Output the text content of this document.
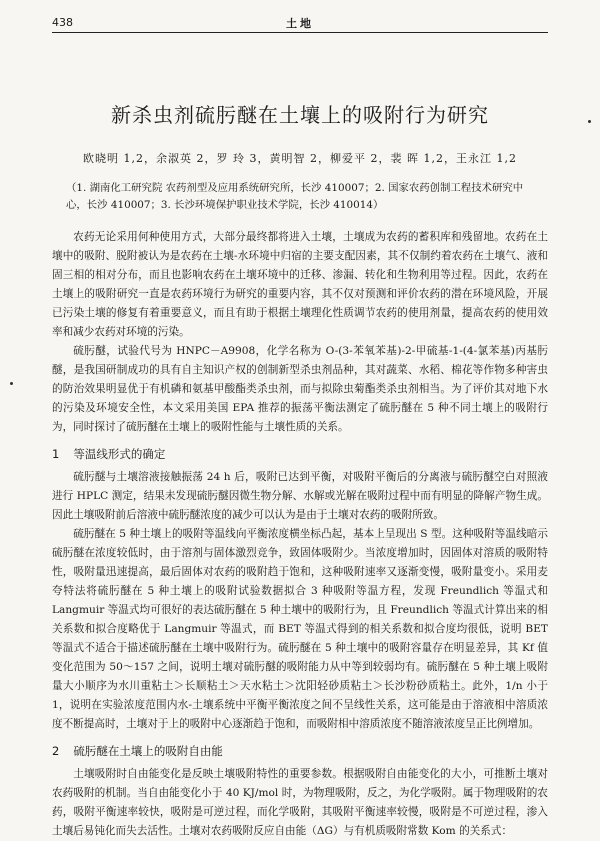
438	土地
新杀虫剂硫肟醚在土壤上的吸附行为研究
欧晓明 1,2，余淑英 2，罗 玲 3，黄明智 2，柳爱平 2，裴 晖 1,2，王永江 1,2
（1. 湖南化工研究院 农药剂型及应用系统研究所，长沙 410007；2. 国家农药创制工程技术研究中心，长沙 410007；3. 长沙环境保护职业技术学院，长沙 410014）

农药无论采用何种使用方式，大部分最终都将进入土壤，土壤成为农药的蓄积库和残留地。农药在土壤中的吸附、脱附被认为是农药在土壤-水环境中归宿的主要支配因素，其不仅制约着农药在土壤气、液和固三相的相对分布，而且也影响农药在土壤环境中的迁移、渗漏、转化和生物利用等过程。因此，农药在土壤上的吸附研究一直是农药环境行为研究的重要内容，其不仅对预测和评价农药的潜在环境风险，开展已污染土壤的修复有着重要意义，而且有助于根据土壤理化性质调节农药的使用剂量，提高农药的使用效率和减少农药对环境的污染。

硫肟醚，试验代号为 HNPC－A9908，化学名称为 O-(3-苯氧苯基)-2-甲硫基-1-(4-氯苯基)丙基肟醚，是我国研制成功的具有自主知识产权的创制新型杀虫剂品种，其对蔬菜、水稻、棉花等作物多种害虫的防治效果明显优于有机磷和氨基甲酸酯类杀虫剂，而与拟除虫菊酯类杀虫剂相当。为了评价其对地下水的污染及环境安全性，本文采用美国 EPA 推荐的振荡平衡法测定了硫肟醚在 5 种不同土壤上的吸附行为，同时探讨了硫肟醚在土壤上的吸附性能与土壤性质的关系。

1 等温线形式的确定

硫肟醚与土壤溶液接触振荡 24 h 后，吸附已达到平衡，对吸附平衡后的分离液与硫肟醚空白对照液进行 HPLC 测定，结果未发现硫肟醚因微生物分解、水解或光解在吸附过程中而有明显的降解产物生成。因此土壤吸附前后溶液中硫肟醚浓度的减少可以认为是由于土壤对农药的吸附所致。

硫肟醚在 5 种土壤上的吸附等温线向平衡浓度横坐标凸起，基本上呈现出 S 型。这种吸附等温线暗示硫肟醚在浓度较低时，由于溶剂与固体激烈竞争，致固体吸附少。当浓度增加时，因固体对溶质的吸附特性，吸附量迅速提高，最后固体对农药的吸附趋于饱和，这种吸附速率又逐渐变慢，吸附量变小。采用麦夸特法将硫肟醚在 5 种土壤上的吸附试验数据拟合 3 种吸附等温方程，发现 Freundlich 等温式和 Langmuir 等温式均可很好的表达硫肟醚在 5 种土壤中的吸附行为，且 Freundlich 等温式计算出来的相关系数和拟合度略优于 Langmuir 等温式，而 BET 等温式得到的相关系数和拟合度均很低，说明 BET 等温式不适合于描述硫肟醚在土壤中吸附行为。硫肟醚在 5 种土壤中的吸附容量存在明显差异，其 Kf 值变化范围为 50～157 之间，说明土壤对硫肟醚的吸附能力从中等到较弱均有。硫肟醚在 5 种土壤上吸附量大小顺序为水川重粘土＞长顺粘土＞天水粘土＞沈阳轻砂质粘土＞长沙粉砂质粘土。此外，1/n 小于 1，说明在实验浓度范围内水-土壤系统中平衡平衡浓度之间不呈线性关系，这可能是由于溶液相中溶质浓度不断提高时，土壤对于上的吸附中心逐渐趋于饱和，而吸附相中溶质浓度不随溶液浓度呈正比例增加。

2 硫肟醚在土壤上的吸附自由能

土壤吸附时自由能变化是反映土壤吸附特性的重要参数。根据吸附自由能变化的大小，可推断土壤对农药吸附的机制。当自由能变化小于 40 KJ/mol 时，为物理吸附，反之，为化学吸附。属于物理吸附的农药，吸附平衡速率较快，吸附是可逆过程，而化学吸附，其吸附平衡速率较慢，吸附是不可逆过程，渗入土壤后易钝化而失去活性。土壤对农药吸附反应自由能（ΔG）与有机质吸附常数 Kom 的关系式：
